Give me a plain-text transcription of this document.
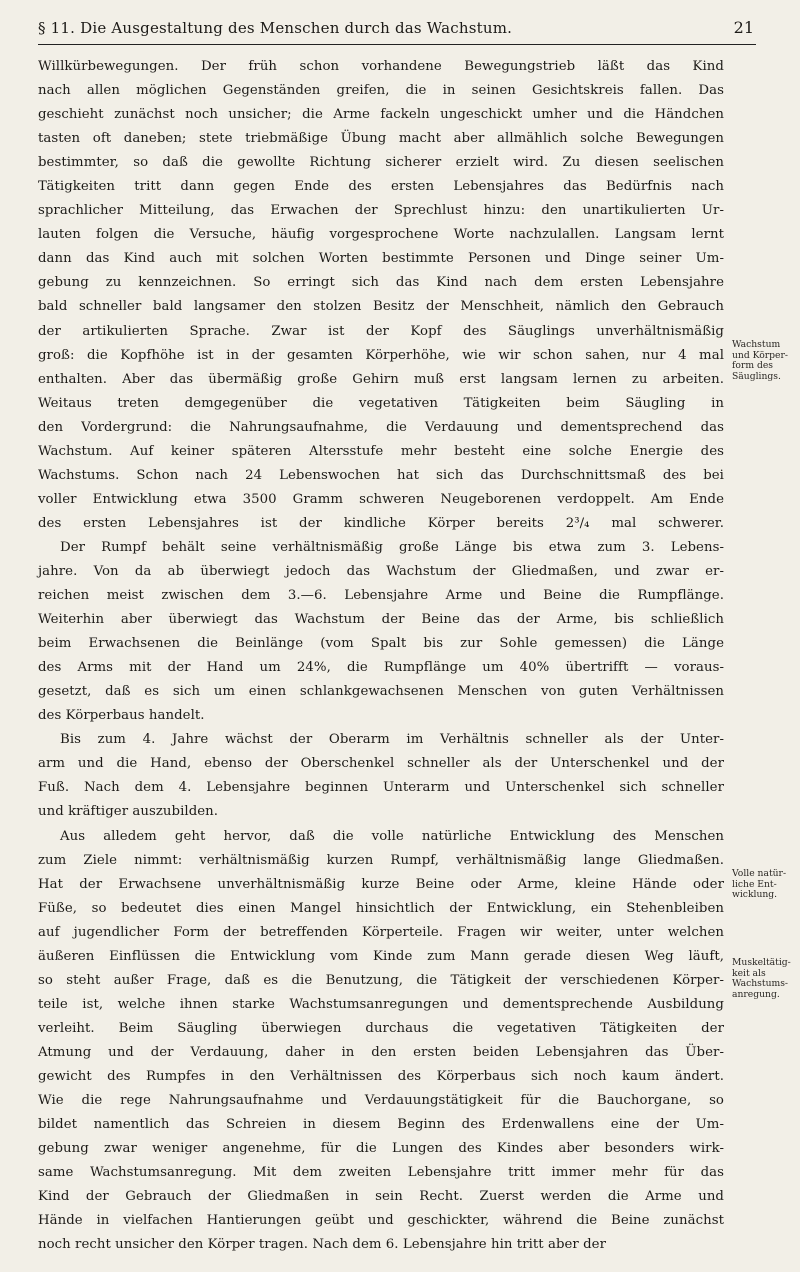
§ 11. Die Ausgestaltung des Menschen durch das Wachstum.	21
Willkürbewegungen. Der früh schon vorhandene Bewegungstrieb läßt das Kind
nach allen möglichen Gegenständen greifen, die in seinen Gesichtskreis fallen. Das
geschieht zunächst noch unsicher; die Arme fackeln ungeschickt umher und die Händchen
tasten oft daneben; stete triebmäßige Übung macht aber allmählich solche Bewegungen
bestimmter, so daß die gewollte Richtung sicherer erzielt wird. Zu diesen seelischen
Tätigkeiten tritt dann gegen Ende des ersten Lebensjahres das Bedürfnis nach
sprachlicher Mitteilung, das Erwachen der Sprechlust hinzu: den unartikulierten Ur-
lauten folgen die Versuche, häufig vorgesprochene Worte nachzulallen. Langsam lernt
dann das Kind auch mit solchen Worten bestimmte Personen und Dinge seiner Um-
gebung zu kennzeichnen. So erringt sich das Kind nach dem ersten Lebensjahre
bald schneller bald langsamer den stolzen Besitz der Menschheit, nämlich den Gebrauch
der artikulierten Sprache. Zwar ist der Kopf des Säuglings unverhältnismäßig
groß: die Kopfhöhe ist in der gesamten Körperhöhe, wie wir schon sahen, nur 4 mal
enthalten. Aber das übermäßig große Gehirn muß erst langsam lernen zu arbeiten.
Weitaus treten demgegenüber die vegetativen Tätigkeiten beim Säugling in
den Vordergrund: die Nahrungsaufnahme, die Verdauung und dementsprechend das
Wachstum. Auf keiner späteren Altersstufe mehr besteht eine solche Energie des
Wachstums. Schon nach 24 Lebenswochen hat sich das Durchschnittsmaß des bei
voller Entwicklung etwa 3500 Gramm schweren Neugeborenen verdoppelt. Am Ende
des ersten Lebensjahres ist der kindliche Körper bereits 2³/₄ mal schwerer.
Der Rumpf behält seine verhältnismäßig große Länge bis etwa zum 3. Lebens-
jahre. Von da ab überwiegt jedoch das Wachstum der Gliedmaßen, und zwar er-
reichen meist zwischen dem 3.—6. Lebensjahre Arme und Beine die Rumpflänge.
Weiterhin aber überwiegt das Wachstum der Beine das der Arme, bis schließlich
beim Erwachsenen die Beinlänge (vom Spalt bis zur Sohle gemessen) die Länge
des Arms mit der Hand um 24%, die Rumpflänge um 40% übertrifft — voraus-
gesetzt, daß es sich um einen schlankgewachsenen Menschen von guten Verhältnissen
des Körperbaus handelt.
Bis zum 4. Jahre wächst der Oberarm im Verhältnis schneller als der Unter-
arm und die Hand, ebenso der Oberschenkel schneller als der Unterschenkel und der
Fuß. Nach dem 4. Lebensjahre beginnen Unterarm und Unterschenkel sich schneller
und kräftiger auszubilden.
Aus alledem geht hervor, daß die volle natürliche Entwicklung des Menschen
zum Ziele nimmt: verhältnismäßig kurzen Rumpf, verhältnismäßig lange Gliedmaßen.
Hat der Erwachsene unverhältnismäßig kurze Beine oder Arme, kleine Hände oder
Füße, so bedeutet dies einen Mangel hinsichtlich der Entwicklung, ein Stehenbleiben
auf jugendlicher Form der betreffenden Körperteile. Fragen wir weiter, unter welchen
äußeren Einflüssen die Entwicklung vom Kinde zum Mann gerade diesen Weg läuft,
so steht außer Frage, daß es die Benutzung, die Tätigkeit der verschiedenen Körper-
teile ist, welche ihnen starke Wachstumsanregungen und dementsprechende Ausbildung
verleiht. Beim Säugling überwiegen durchaus die vegetativen Tätigkeiten der
Atmung und der Verdauung, daher in den ersten beiden Lebensjahren das Über-
gewicht des Rumpfes in den Verhältnissen des Körperbaus sich noch kaum ändert.
Wie die rege Nahrungsaufnahme und Verdauungstätigkeit für die Bauchorgane, so
bildet namentlich das Schreien in diesem Beginn des Erdenwallens eine der Um-
gebung zwar weniger angenehme, für die Lungen des Kindes aber besonders wirk-
same Wachstumsanregung. Mit dem zweiten Lebensjahre tritt immer mehr für das
Kind der Gebrauch der Gliedmaßen in sein Recht. Zuerst werden die Arme und
Hände in vielfachen Hantierungen geübt und geschickter, während die Beine zunächst
noch recht unsicher den Körper tragen. Nach dem 6. Lebensjahre hin tritt aber der
Wachstum
und Körper-
form des
Säuglings.
Volle natür-
liche Ent-
wicklung.
Muskeltätig-
keit als
Wachstums-
anregung.
